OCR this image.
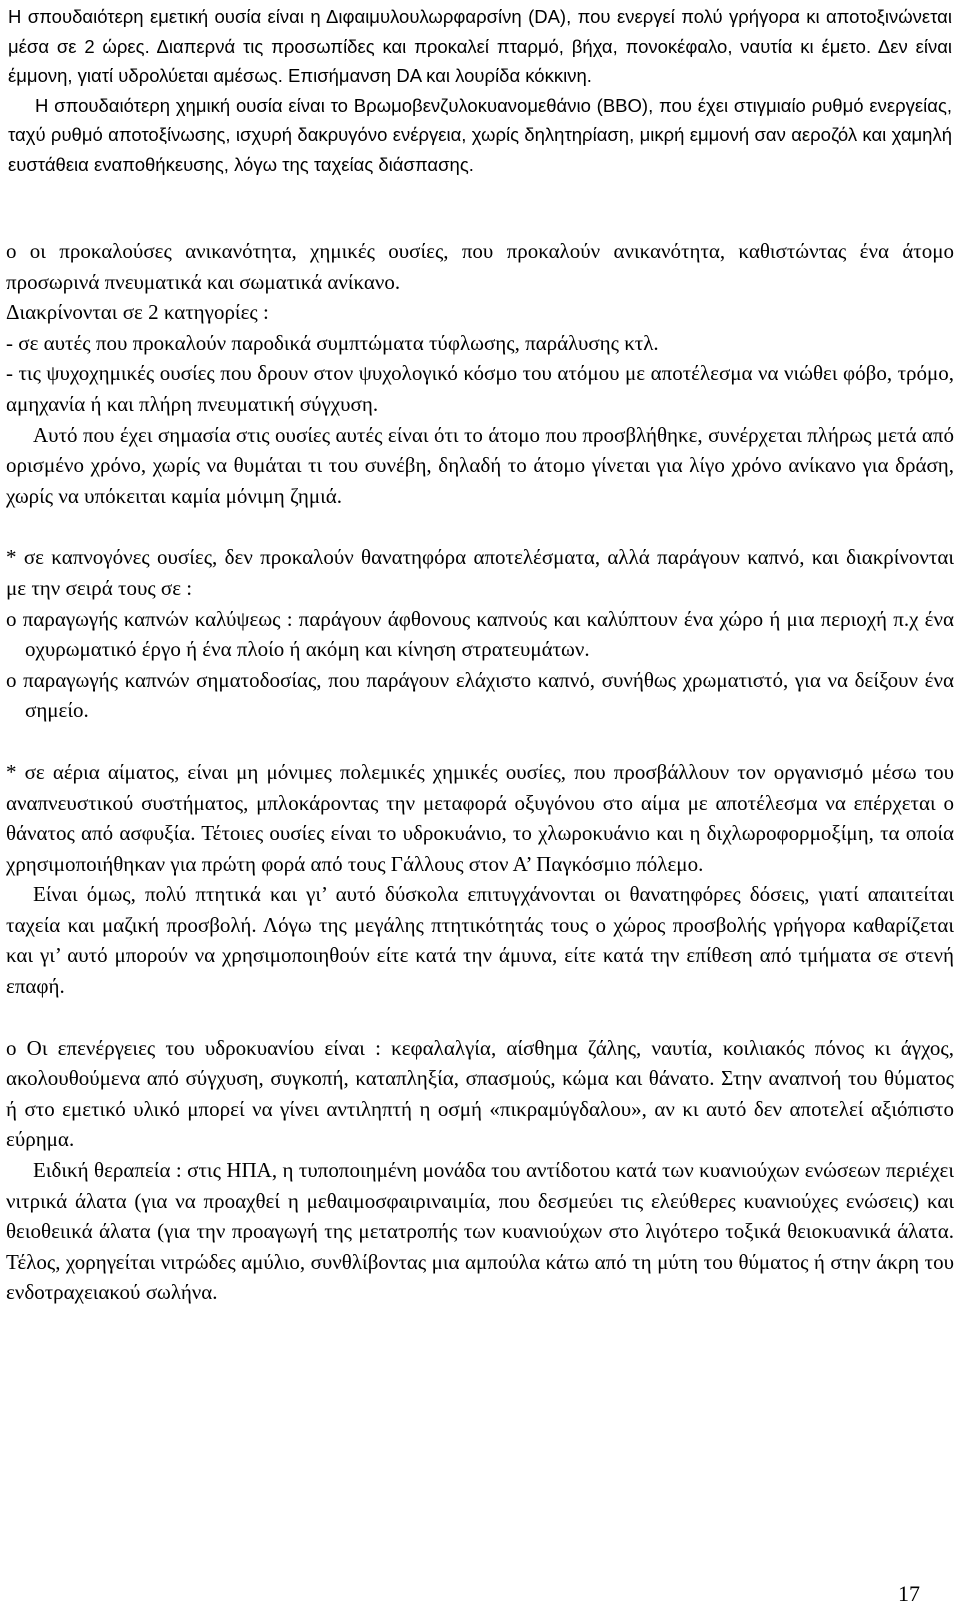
Η σπουδαιότερη εμετική ουσία είναι η Διφαιμυλουλωρφαρσίνη (DA), που ενεργεί πολύ γρήγορα κι αποτοξινώνεται μέσα σε 2 ώρες. Διαπερνά τις προσωπίδες και προκαλεί πταρμό, βήχα, πονοκέφαλο, ναυτία κι έμετο. Δεν είναι έμμονη, γιατί υδρολύεται αμέσως. Επισήμανση DA και λουρίδα κόκκινη.

Η σπουδαιότερη χημική ουσία είναι το Βρωμοβενζυλοκυανομεθάνιο (BBO), που έχει στιγμιαίο ρυθμό ενεργείας, ταχύ ρυθμό αποτοξίνωσης, ισχυρή δακρυγόνο ενέργεια, χωρίς δηλητηρίαση, μικρή εμμονή σαν αεροζόλ και χαμηλή ευστάθεια εναποθήκευσης, λόγω της ταχείας διάσπασης.

o οι προκαλούσες ανικανότητα, χημικές ουσίες, που προκαλούν ανικανότητα, καθιστώντας ένα άτομο προσωρινά πνευματικά και σωματικά ανίκανο.

Διακρίνονται σε 2 κατηγορίες :

- σε αυτές που προκαλούν παροδικά συμπτώματα τύφλωσης, παράλυσης κτλ.

- τις ψυχοχημικές ουσίες που δρουν στον ψυχολογικό κόσμο του ατόμου με αποτέλεσμα να νιώθει φόβο, τρόμο, αμηχανία ή και πλήρη πνευματική σύγχυση.

Αυτό που έχει σημασία στις ουσίες αυτές είναι ότι το άτομο που προσβλήθηκε, συνέρχεται πλήρως μετά από ορισμένο χρόνο, χωρίς να θυμάται τι του συνέβη, δηλαδή το άτομο γίνεται για λίγο χρόνο ανίκανο για δράση, χωρίς να υπόκειται καμία μόνιμη ζημιά.

* σε καπνογόνες ουσίες, δεν προκαλούν θανατηφόρα αποτελέσματα, αλλά παράγουν καπνό, και διακρίνονται με την σειρά τους σε :

o παραγωγής καπνών καλύψεως : παράγουν άφθονους καπνούς και καλύπτουν ένα χώρο ή μια περιοχή π.χ ένα οχυρωματικό έργο ή ένα πλοίο ή ακόμη και κίνηση στρατευμάτων.

o παραγωγής καπνών σηματοδοσίας, που παράγουν ελάχιστο καπνό, συνήθως χρωματιστό, για να δείξουν ένα σημείο.

* σε αέρια αίματος, είναι μη μόνιμες πολεμικές χημικές ουσίες, που προσβάλλουν τον οργανισμό μέσω του αναπνευστικού συστήματος, μπλοκάροντας την μεταφορά οξυγόνου στο αίμα με αποτέλεσμα να επέρχεται ο θάνατος από ασφυξία. Τέτοιες ουσίες είναι το υδροκυάνιο, το χλωροκυάνιο και η διχλωροφορμοξίμη, τα οποία χρησιμοποιήθηκαν για πρώτη φορά από τους Γάλλους στον Α’ Παγκόσμιο πόλεμο.

Είναι όμως, πολύ πτητικά και γι’ αυτό δύσκολα επιτυγχάνονται οι θανατηφόρες δόσεις, γιατί απαιτείται ταχεία και μαζική προσβολή. Λόγω της μεγάλης πτητικότητάς τους ο χώρος προσβολής γρήγορα καθαρίζεται και γι’ αυτό μπορούν να χρησιμοποιηθούν είτε κατά την άμυνα, είτε κατά την επίθεση από τμήματα σε στενή επαφή.

o Οι επενέργειες του υδροκυανίου είναι : κεφαλαλγία, αίσθημα ζάλης, ναυτία, κοιλιακός πόνος κι άγχος, ακολουθούμενα από σύγχυση, συγκοπή, καταπληξία, σπασμούς, κώμα και θάνατο. Στην αναπνοή του θύματος ή στο εμετικό υλικό μπορεί να γίνει αντιληπτή η οσμή «πικραμύγδαλου», αν κι αυτό δεν αποτελεί αξιόπιστο εύρημα.

Ειδική θεραπεία : στις ΗΠΑ, η τυποποιημένη μονάδα του αντίδοτου κατά των κυανιούχων ενώσεων περιέχει νιτρικά άλατα (για να προαχθεί η μεθαιμοσφαιριναιμία, που δεσμεύει τις ελεύθερες κυανιούχες ενώσεις) και θειοθειικά άλατα (για την προαγωγή της μετατροπής των κυανιούχων στο λιγότερο τοξικά θειοκυανικά άλατα. Τέλος, χορηγείται νιτρώδες αμύλιο, συνθλίβοντας μια αμπούλα κάτω από τη μύτη του θύματος ή στην άκρη του ενδοτραχειακού σωλήνα.

17
